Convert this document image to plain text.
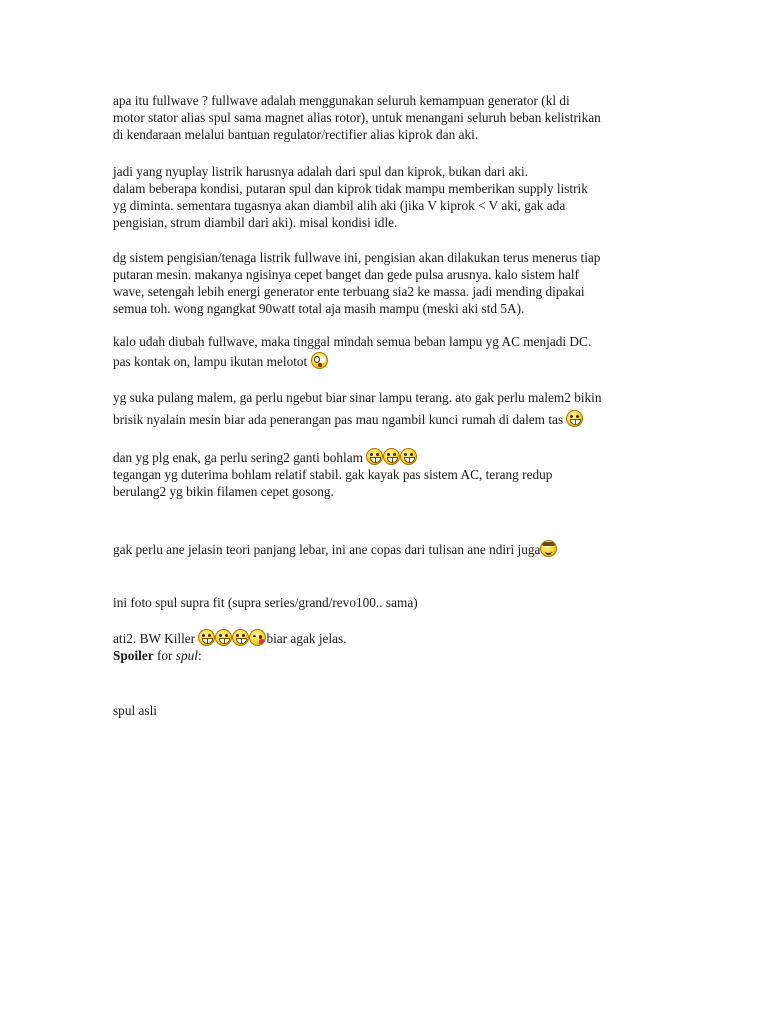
apa itu fullwave ? fullwave adalah menggunakan seluruh kemampuan generator (kl di
motor stator alias spul sama magnet alias rotor), untuk menangani seluruh beban kelistrikan
di kendaraan melalui bantuan regulator/rectifier alias kiprok dan aki.
jadi yang nyuplay listrik harusnya adalah dari spul dan kiprok, bukan dari aki.
dalam beberapa kondisi, putaran spul dan kiprok tidak mampu memberikan supply listrik
yg diminta. sementara tugasnya akan diambil alih aki (jika V kiprok < V aki, gak ada
pengisian, strum diambil dari aki). misal kondisi idle.
dg sistem pengisian/tenaga listrik fullwave ini, pengisian akan dilakukan terus menerus tiap
putaran mesin. makanya ngisinya cepet banget dan gede pulsa arusnya. kalo sistem half
wave, setengah lebih energi generator ente terbuang sia2 ke massa. jadi mending dipakai
semua toh. wong ngangkat 90watt total aja masih mampu (meski aki std 5A).
kalo udah diubah fullwave, maka tinggal mindah semua beban lampu yg AC menjadi DC.
pas kontak on, lampu ikutan melotot
yg suka pulang malem, ga perlu ngebut biar sinar lampu terang. ato gak perlu malem2 bikin
brisik nyalain mesin biar ada penerangan pas mau ngambil kunci rumah di dalem tas
dan yg plg enak, ga perlu sering2 ganti bohlam
tegangan yg duterima bohlam relatif stabil. gak kayak pas sistem AC, terang redup
berulang2 yg bikin filamen cepet gosong.
gak perlu ane jelasin teori panjang lebar, ini ane copas dari tulisan ane ndiri juga
ini foto spul supra fit (supra series/grand/revo100.. sama)
ati2. BW Killer	biar agak jelas.
Spoiler for spul:
spul asli
